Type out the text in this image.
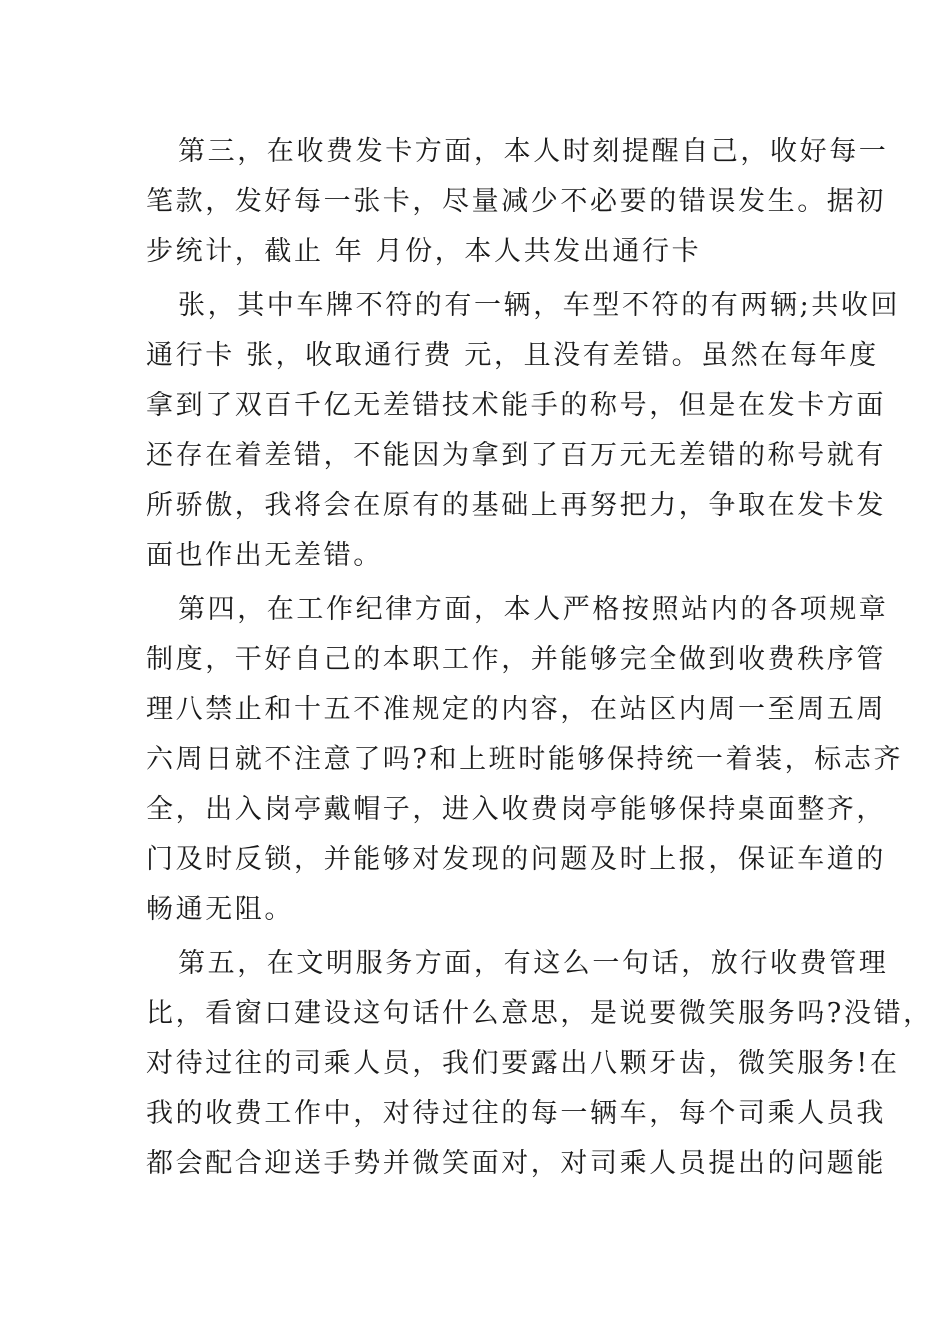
第三，在收费发卡方面，本人时刻提醒自己，收好每一
笔款，发好每一张卡，尽量减少不必要的错误发生。据初
步统计，截止 年 月份，本人共发出通行卡
张，其中车牌不符的有一辆，车型不符的有两辆;共收回
通行卡 张，收取通行费 元，且没有差错。虽然在每年度
拿到了双百千亿无差错技术能手的称号，但是在发卡方面
还存在着差错，不能因为拿到了百万元无差错的称号就有
所骄傲，我将会在原有的基础上再努把力，争取在发卡发
面也作出无差错。
第四，在工作纪律方面，本人严格按照站内的各项规章
制度，干好自己的本职工作，并能够完全做到收费秩序管
理八禁止和十五不准规定的内容，在站区内周一至周五周
六周日就不注意了吗?和上班时能够保持统一着装，标志齐
全，出入岗亭戴帽子，进入收费岗亭能够保持桌面整齐，
门及时反锁，并能够对发现的问题及时上报，保证车道的
畅通无阻。
第五，在文明服务方面，有这么一句话，放行收费管理
比，看窗口建设这句话什么意思，是说要微笑服务吗?没错，
对待过往的司乘人员，我们要露出八颗牙齿，微笑服务!在
我的收费工作中，对待过往的每一辆车，每个司乘人员我
都会配合迎送手势并微笑面对，对司乘人员提出的问题能
